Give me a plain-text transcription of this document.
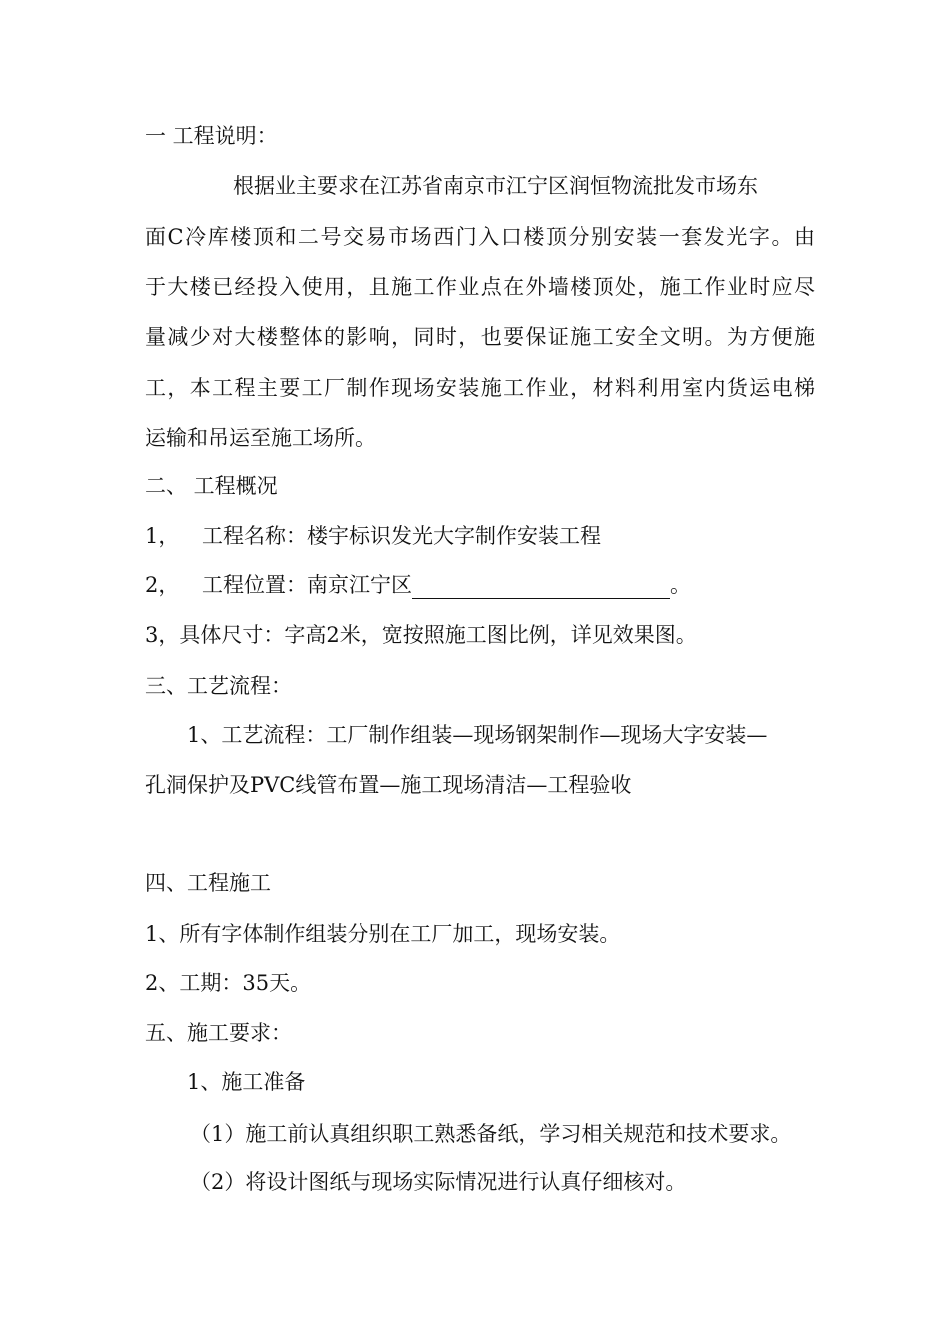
一 工程说明：
根据业主要求在江苏省南京市江宁区润恒物流批发市场东
面C冷库楼顶和二号交易市场西门入口楼顶分别安装一套发光字。由
于大楼已经投入使用，且施工作业点在外墙楼顶处，施工作业时应尽
量减少对大楼整体的影响，同时，也要保证施工安全文明。为方便施
工，本工程主要工厂制作现场安装施工作业，材料利用室内货运电梯
运输和吊运至施工场所。
二、 工程概况
1， 工程名称：楼宇标识发光大字制作安装工程
2， 工程位置：南京江宁区	。
3，具体尺寸：字高2米，宽按照施工图比例，详见效果图。
三、工艺流程：
1、工艺流程：工厂制作组装—现场钢架制作—现场大字安装—
孔洞保护及PVC线管布置—施工现场清洁—工程验收
四、工程施工
1、所有字体制作组装分别在工厂加工，现场安装。
2、工期：35天。
五、施工要求：
1、施工准备
（1）施工前认真组织职工熟悉备纸，学习相关规范和技术要求。
（2）将设计图纸与现场实际情况进行认真仔细核对。
